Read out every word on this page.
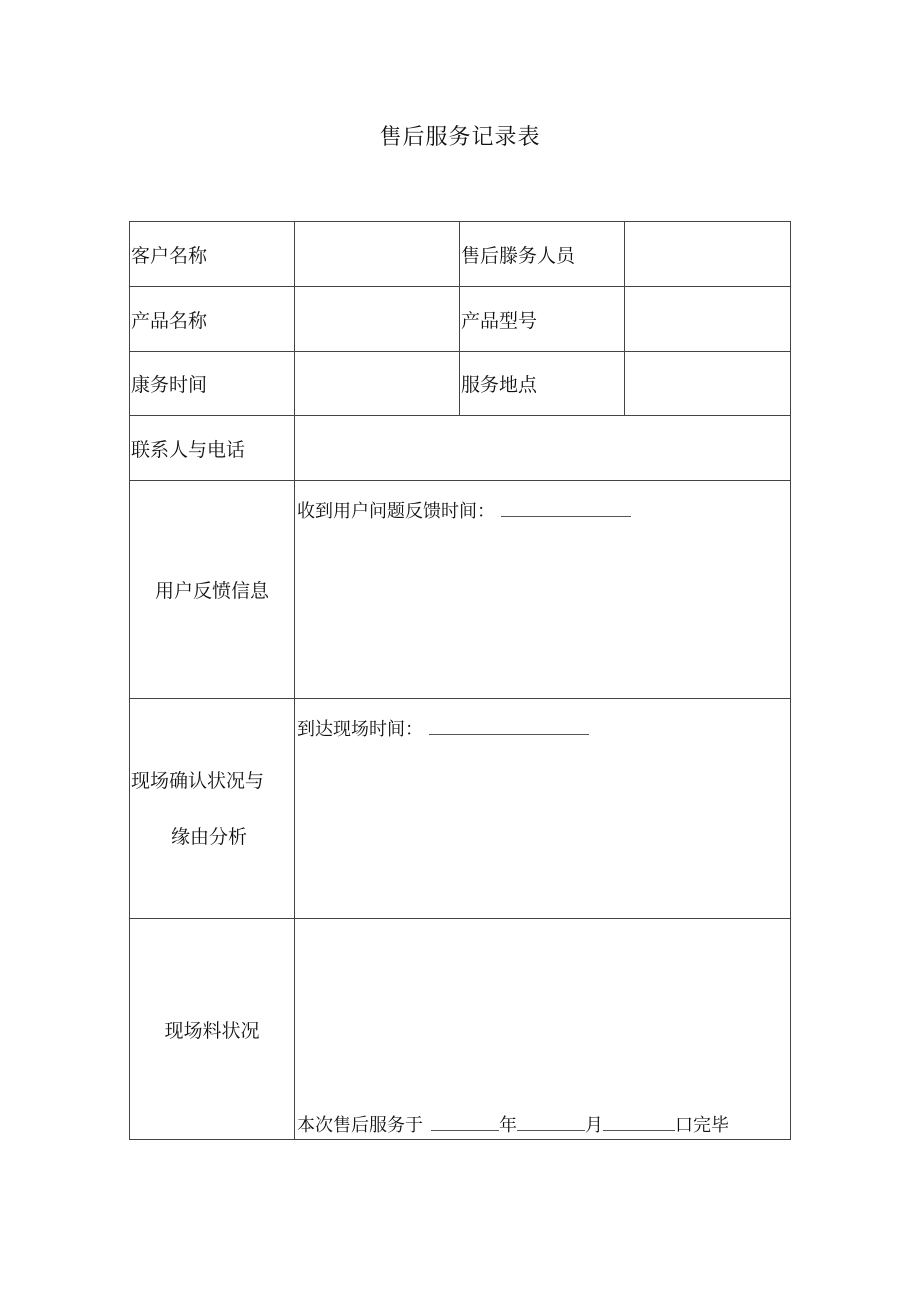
售后服务记录表
客户名称		售后滕务人员	
产品名称		产品型号	
康务时间		服务地点	
联系人与电话			
用户反愤信息	收到用户问题反馈时间：		

现场确认状况与
缘由分析	到达现场时间：		

现场料状况	本次售后服务于 年 月 口完毕		
